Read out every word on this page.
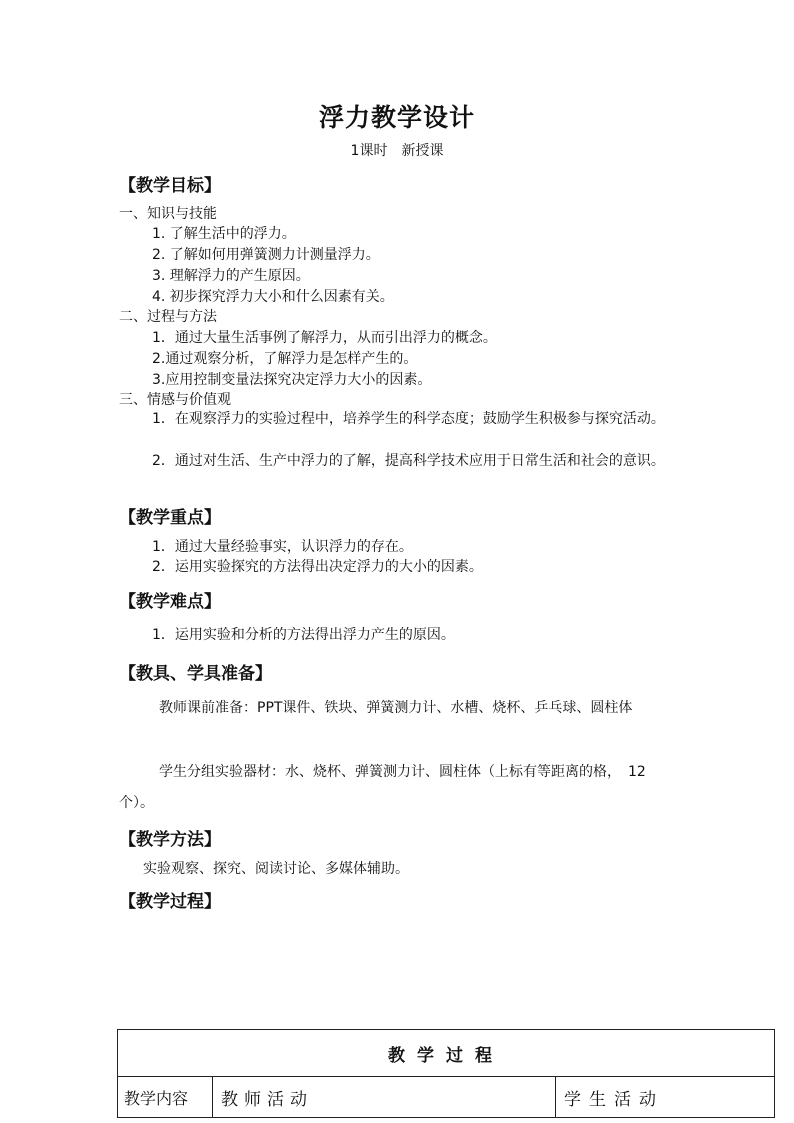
浮力教学设计
1课时　新授课
【教学目标】
一、知识与技能
1. 了解生活中的浮力。
2. 了解如何用弹簧测力计测量浮力。
3. 理解浮力的产生原因。
4. 初步探究浮力大小和什么因素有关。
二、过程与方法
1．通过大量生活事例了解浮力，从而引出浮力的概念。
2.通过观察分析，了解浮力是怎样产生的。
3.应用控制变量法探究决定浮力大小的因素。
三、情感与价值观
1．在观察浮力的实验过程中，培养学生的科学态度；鼓励学生积极参与探究活动。
2．通过对生活、生产中浮力的了解，提高科学技术应用于日常生活和社会的意识。
【教学重点】
1．通过大量经验事实，认识浮力的存在。
2．运用实验探究的方法得出决定浮力的大小的因素。
【教学难点】
1．运用实验和分析的方法得出浮力产生的原因。
【教具、学具准备】
教师课前准备：PPT课件、铁块、弹簧测力计、水槽、烧杯、乒乓球、圆柱体
学生分组实验器材：水、烧杯、弹簧测力计、圆柱体（上标有等距离的格，　12个）。
【教学方法】
实验观察、探究、阅读讨论、多媒体辅助。
【教学过程】
教学过程
教学内容	教师活动	学生活动
